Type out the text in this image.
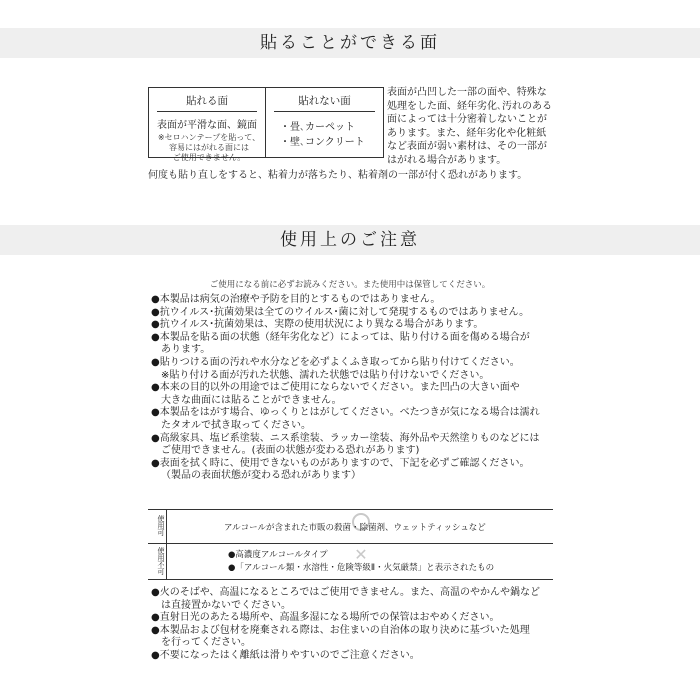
貼ることができる面
貼れる面
表面が平滑な面、鏡面
※セロハンテープを貼って、
容易にはがれる面には
ご使用できません。
貼れない面
・畳､カーペット
・壁､コンクリート
表面が凸凹した一部の面や、特殊な
処理をした面、経年劣化､汚れのある
面によっては十分密着しないことが
あります。また、経年劣化や化粧紙
など表面が弱い素材は、その一部が
はがれる場合があります。
何度も貼り直しをすると、粘着力が落ちたり、粘着剤の一部が付く恐れがあります。
使用上のご注意
ご使用になる前に必ずお読みください。また使用中は保管してください。
●本製品は病気の治療や予防を目的とするものではありません。
●抗ウイルス･抗菌効果は全てのウイルス･菌に対して発現するものではありません。
●抗ウイルス･抗菌効果は、実際の使用状況により異なる場合があります。
●本製品を貼る面の状態（経年劣化など）によっては、貼り付ける面を傷める場合が
あります。
●貼りつける面の汚れや水分などを必ずよくふき取ってから貼り付けてください。
※貼り付ける面が汚れた状態、濡れた状態では貼り付けないでください。
●本来の目的以外の用途ではご使用にならないでください。また凹凸の大きい面や
大きな曲面には貼ることができません。
●本製品をはがす場合、ゆっくりとはがしてください。べたつきが気になる場合は濡れ
たタオルで拭き取ってください。
●高級家具、塩ビ系塗装、ニス系塗装、ラッカー塗装、海外品や天然塗りものなどには
ご使用できません。(表面の状態が変わる恐れがあります)
●表面を拭く時に、使用できないものがありますので、下記を必ずご確認ください。
（製品の表面状態が変わる恐れがあります）
使用可
使用不可
アルコールが含まれた市販の殺菌・除菌剤、ウェットティッシュなど
✕
●高濃度アルコールタイプ
●「アルコール類・水溶性・危険等級Ⅱ・火気厳禁」と表示されたもの
●火のそばや、高温になるところではご使用できません。また、高温のやかんや鍋など
は直接置かないでください。
●直射日光のあたる場所や、高温多湿になる場所での保管はおやめください。
●本製品および包材を廃棄される際は、お住まいの自治体の取り決めに基づいた処理
を行ってください。
●不要になったはく離紙は滑りやすいのでご注意ください。
